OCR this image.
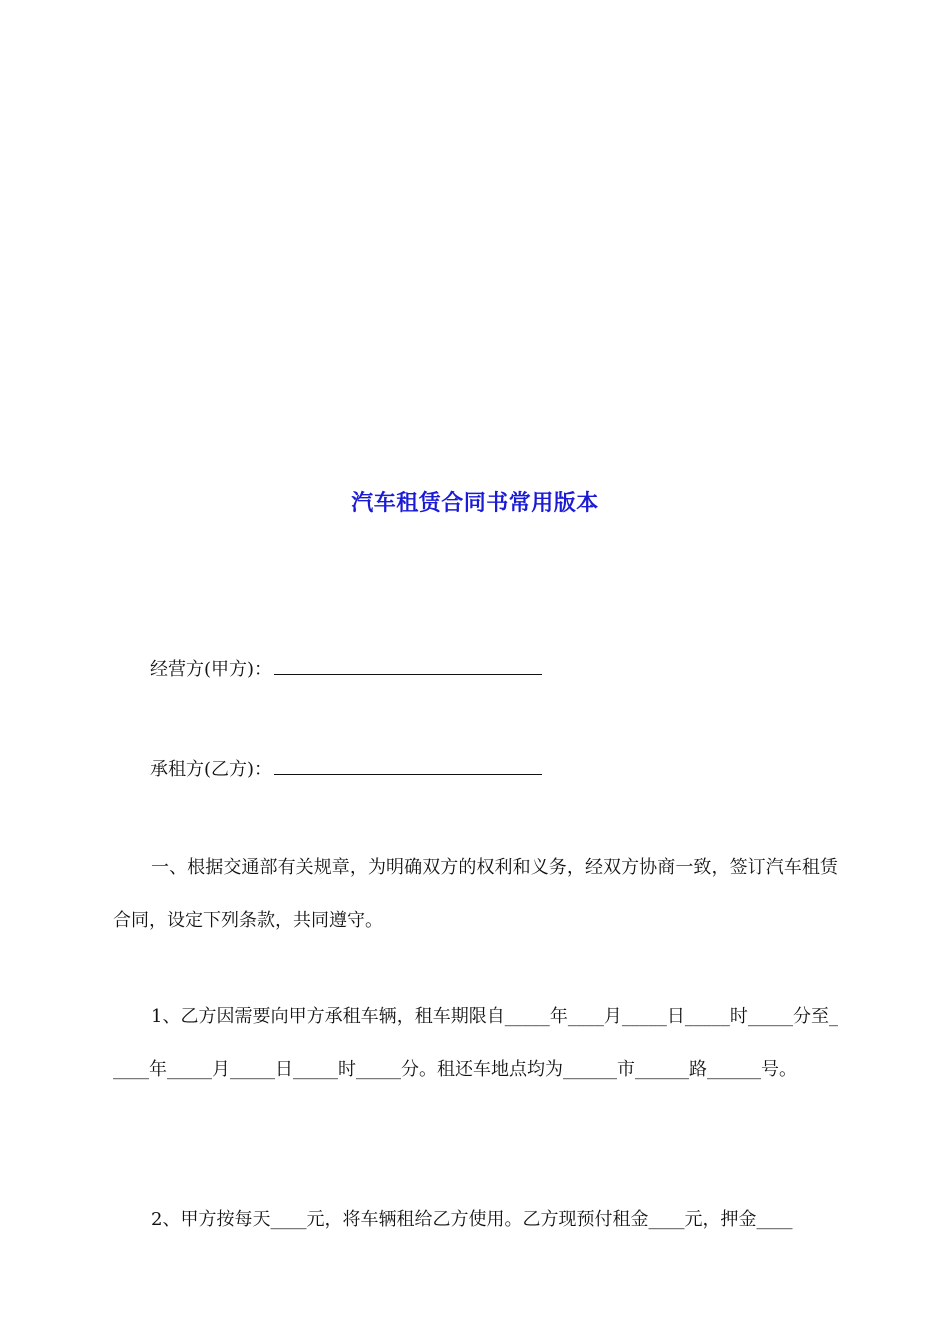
汽车租赁合同书常用版本
经营方(甲方)：
承租方(乙方)：
一、根据交通部有关规章，为明确双方的权利和义务，经双方协商一致，签订汽车租赁合同，设定下列条款，共同遵守。
1、乙方因需要向甲方承租车辆，租车期限自_____年____月_____日_____时_____分至_____年_____月_____日_____时_____分。租还车地点均为______市______路______号。
2、甲方按每天____元，将车辆租给乙方使用。乙方现预付租金____元，押金____
